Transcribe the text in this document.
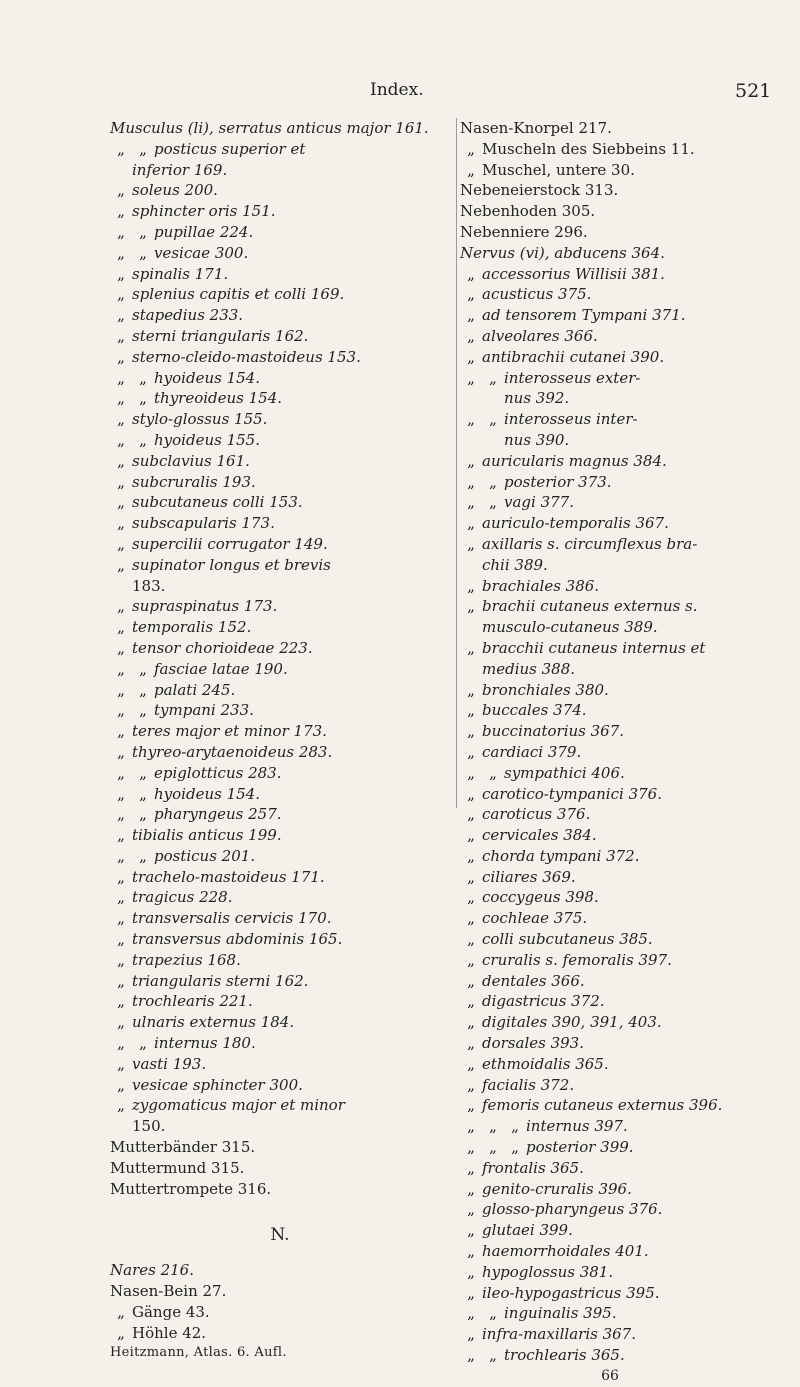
Index.	521
Musculus (li), serratus anticus major 161.
„ „ posticus superior et
inferior 169.
„ soleus 200.
„ sphincter oris 151.
„ „ pupillae 224.
„ „ vesicae 300.
„ spinalis 171.
„ splenius capitis et colli 169.
„ stapedius 233.
„ sterni triangularis 162.
„ sterno-cleido-mastoideus 153.
„ „ hyoideus 154.
„ „ thyreoideus 154.
„ stylo-glossus 155.
„ „ hyoideus 155.
„ subclavius 161.
„ subcruralis 193.
„ subcutaneus colli 153.
„ subscapularis 173.
„ supercilii corrugator 149.
„ supinator longus et brevis
183.
„ supraspinatus 173.
„ temporalis 152.
„ tensor chorioideae 223.
„ „ fasciae latae 190.
„ „ palati 245.
„ „ tympani 233.
„ teres major et minor 173.
„ thyreo-arytaenoideus 283.
„ „ epiglotticus 283.
„ „ hyoideus 154.
„ „ pharyngeus 257.
„ tibialis anticus 199.
„ „ posticus 201.
„ trachelo-mastoideus 171.
„ tragicus 228.
„ transversalis cervicis 170.
„ transversus abdominis 165.
„ trapezius 168.
„ triangularis sterni 162.
„ trochlearis 221.
„ ulnaris externus 184.
„ „ internus 180.
„ vasti 193.
„ vesicae sphincter 300.
„ zygomaticus major et minor
150.
Mutterbänder 315.
Muttermund 315.
Muttertrompete 316.
N.
Nares 216.
Nasen-Bein 27.
„ Gänge 43.
„ Höhle 42.
Heitzmann, Atlas. 6. Aufl.
Nasen-Knorpel 217.
„ Muscheln des Siebbeins 11.
„ Muschel, untere 30.
Nebeneierstock 313.
Nebenhoden 305.
Nebenniere 296.
Nervus (vi), abducens 364.
„ accessorius Willisii 381.
„ acusticus 375.
„ ad tensorem Tympani 371.
„ alveolares 366.
„ antibrachii cutanei 390.
„ „ interosseus exter-
nus 392.
„ „ interosseus inter-
nus 390.
„ auricularis magnus 384.
„ „ posterior 373.
„ „ vagi 377.
„ auriculo-temporalis 367.
„ axillaris s. circumflexus bra-
chii 389.
„ brachiales 386.
„ brachii cutaneus externus s.
musculo-cutaneus 389.
„ bracchii cutaneus internus et
medius 388.
„ bronchiales 380.
„ buccales 374.
„ buccinatorius 367.
„ cardiaci 379.
„ „ sympathici 406.
„ carotico-tympanici 376.
„ caroticus 376.
„ cervicales 384.
„ chorda tympani 372.
„ ciliares 369.
„ coccygeus 398.
„ cochleae 375.
„ colli subcutaneus 385.
„ cruralis s. femoralis 397.
„ dentales 366.
„ digastricus 372.
„ digitales 390, 391, 403.
„ dorsales 393.
„ ethmoidalis 365.
„ facialis 372.
„ femoris cutaneus externus 396.
„ „ „ internus 397.
„ „ „ posterior 399.
„ frontalis 365.
„ genito-cruralis 396.
„ glosso-pharyngeus 376.
„ glutaei 399.
„ haemorrhoidales 401.
„ hypoglossus 381.
„ ileo-hypogastricus 395.
„ „ inguinalis 395.
„ infra-maxillaris 367.
„ „ trochlearis 365.
66
